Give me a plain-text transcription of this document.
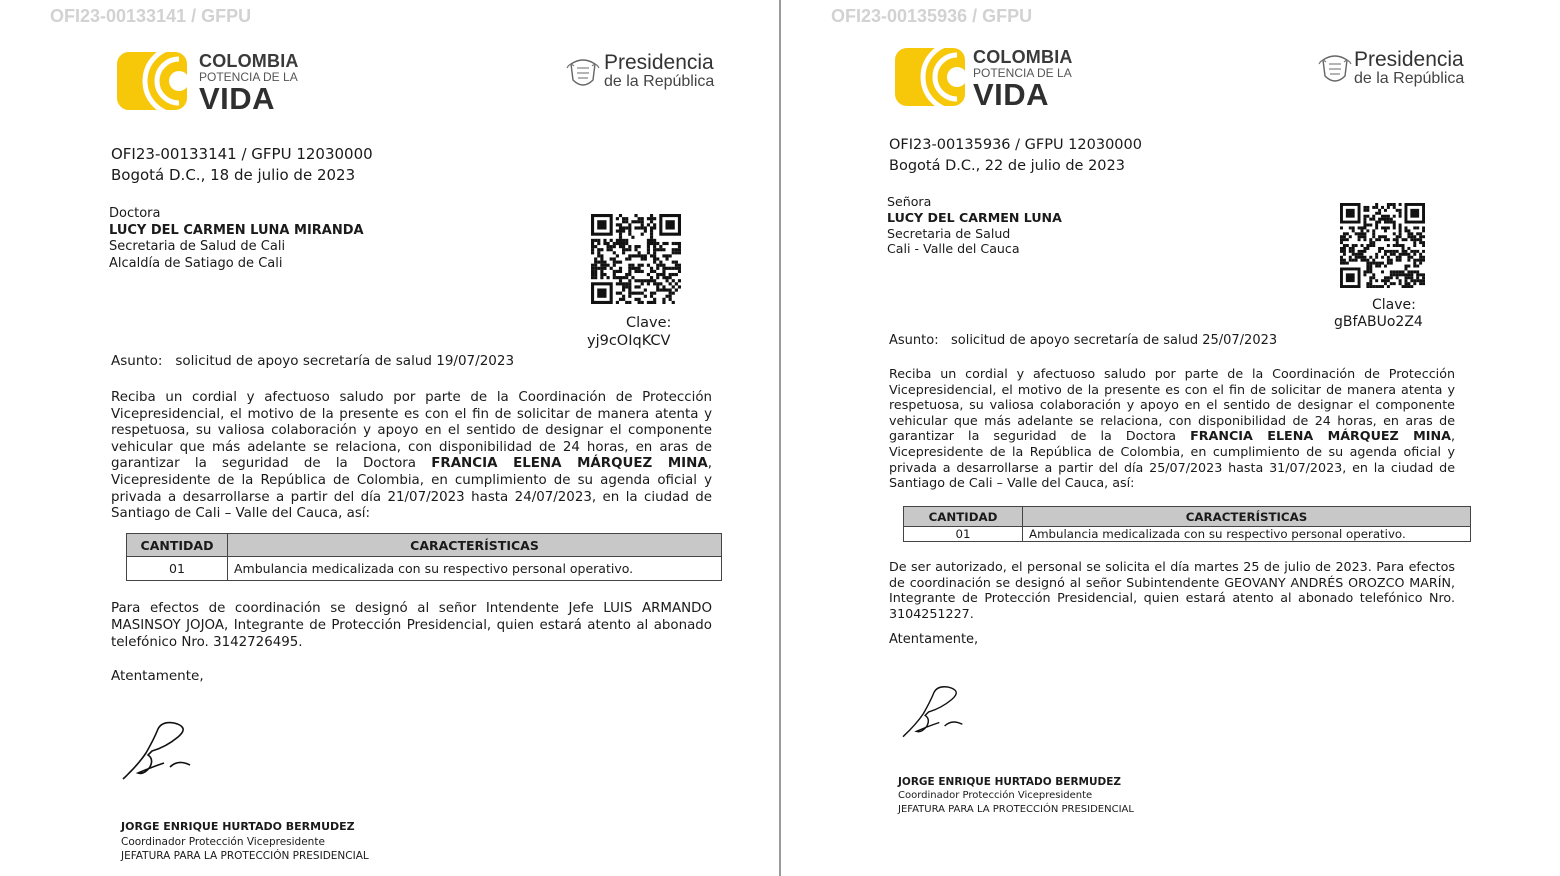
OFI23-00133141 / GFPU
COLOMBIA
POTENCIA DE LA
VIDA
Presidencia
de la República
OFI23-00133141 / GFPU 12030000
Bogotá D.C., 18 de julio de 2023
Doctora
LUCY DEL CARMEN LUNA MIRANDA
Secretaria de Salud de Cali
Alcaldía de Satiago de Cali
Clave:
yj9cOIqKCV
Asunto: solicitud de apoyo secretaría de salud 19/07/2023
Reciba un cordial y afectuoso saludo por parte de la Coordinación de Protección Vicepresidencial, el motivo de la presente es con el fin de solicitar de manera atenta y respetuosa, su valiosa colaboración y apoyo en el sentido de designar el componente vehicular que más adelante se relaciona, con disponibilidad de 24 horas, en aras de garantizar la seguridad de la Doctora FRANCIA ELENA MÁRQUEZ MINA, Vicepresidente de la República de Colombia, en cumplimiento de su agenda oficial y privada a desarrollarse a partir del día 21/07/2023 hasta 24/07/2023, en la ciudad de Santiago de Cali – Valle del Cauca, así:
CANTIDAD	CARACTERÍSTICAS
01	Ambulancia medicalizada con su respectivo personal operativo.
Para efectos de coordinación se designó al señor Intendente Jefe LUIS ARMANDO MASINSOY JOJOA, Integrante de Protección Presidencial, quien estará atento al abonado telefónico Nro. 3142726495.
Atentamente,
JORGE ENRIQUE HURTADO BERMUDEZ
Coordinador Protección Vicepresidente
JEFATURA PARA LA PROTECCIÓN PRESIDENCIAL
OFI23-00135936 / GFPU
COLOMBIA
POTENCIA DE LA
VIDA
Presidencia
de la República
OFI23-00135936 / GFPU 12030000
Bogotá D.C., 22 de julio de 2023
Señora
LUCY DEL CARMEN LUNA
Secretaria de Salud
Cali - Valle del Cauca
Clave:
gBfABUo2Z4
Asunto: solicitud de apoyo secretaría de salud 25/07/2023
Reciba un cordial y afectuoso saludo por parte de la Coordinación de Protección Vicepresidencial, el motivo de la presente es con el fin de solicitar de manera atenta y respetuosa, su valiosa colaboración y apoyo en el sentido de designar el componente vehicular que más adelante se relaciona, con disponibilidad de 24 horas, en aras de garantizar la seguridad de la Doctora FRANCIA ELENA MÁRQUEZ MINA, Vicepresidente de la República de Colombia, en cumplimiento de su agenda oficial y privada a desarrollarse a partir del día 25/07/2023 hasta 31/07/2023, en la ciudad de Santiago de Cali – Valle del Cauca, así:
CANTIDAD	CARACTERÍSTICAS
01	Ambulancia medicalizada con su respectivo personal operativo.
De ser autorizado, el personal se solicita el día martes 25 de julio de 2023. Para efectos de coordinación se designó al señor Subintendente GEOVANY ANDRÉS OROZCO MARÍN, Integrante de Protección Presidencial, quien estará atento al abonado telefónico Nro. 3104251227.
Atentamente,
JORGE ENRIQUE HURTADO BERMUDEZ
Coordinador Protección Vicepresidente
JEFATURA PARA LA PROTECCIÓN PRESIDENCIAL
